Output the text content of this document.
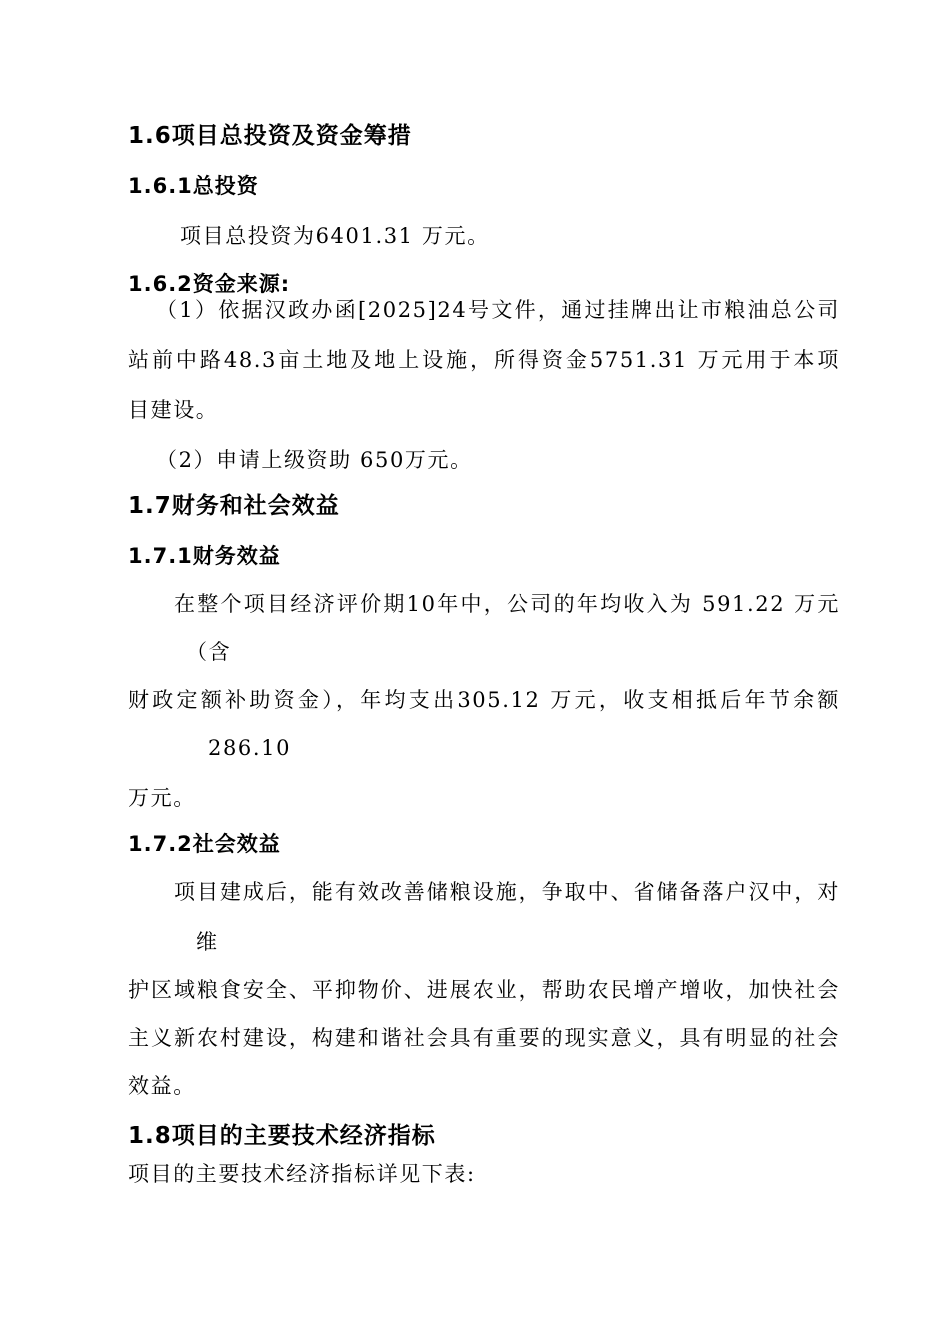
1.6项目总投资及资金筹措
1.6.1总投资
项目总投资为6401.31 万元。
1.6.2资金来源:
（1）依据汉政办函[2025]24号文件，通过挂牌出让市粮油总公司
站前中路48.3亩土地及地上设施，所得资金5751.31 万元用于本项
目建设。
（2）申请上级资助 650万元。
1.7财务和社会效益
1.7.1财务效益
在整个项目经济评价期10年中，公司的年均收入为 591.22 万元
（含
财政定额补助资金），年均支出305.12 万元，收支相抵后年节余额
286.10
万元。
1.7.2社会效益
项目建成后，能有效改善储粮设施，争取中、省储备落户汉中，对
维
护区域粮食安全、平抑物价、进展农业，帮助农民增产增收，加快社会
主义新农村建设，构建和谐社会具有重要的现实意义，具有明显的社会
效益。
1.8项目的主要技术经济指标
项目的主要技术经济指标详见下表:
